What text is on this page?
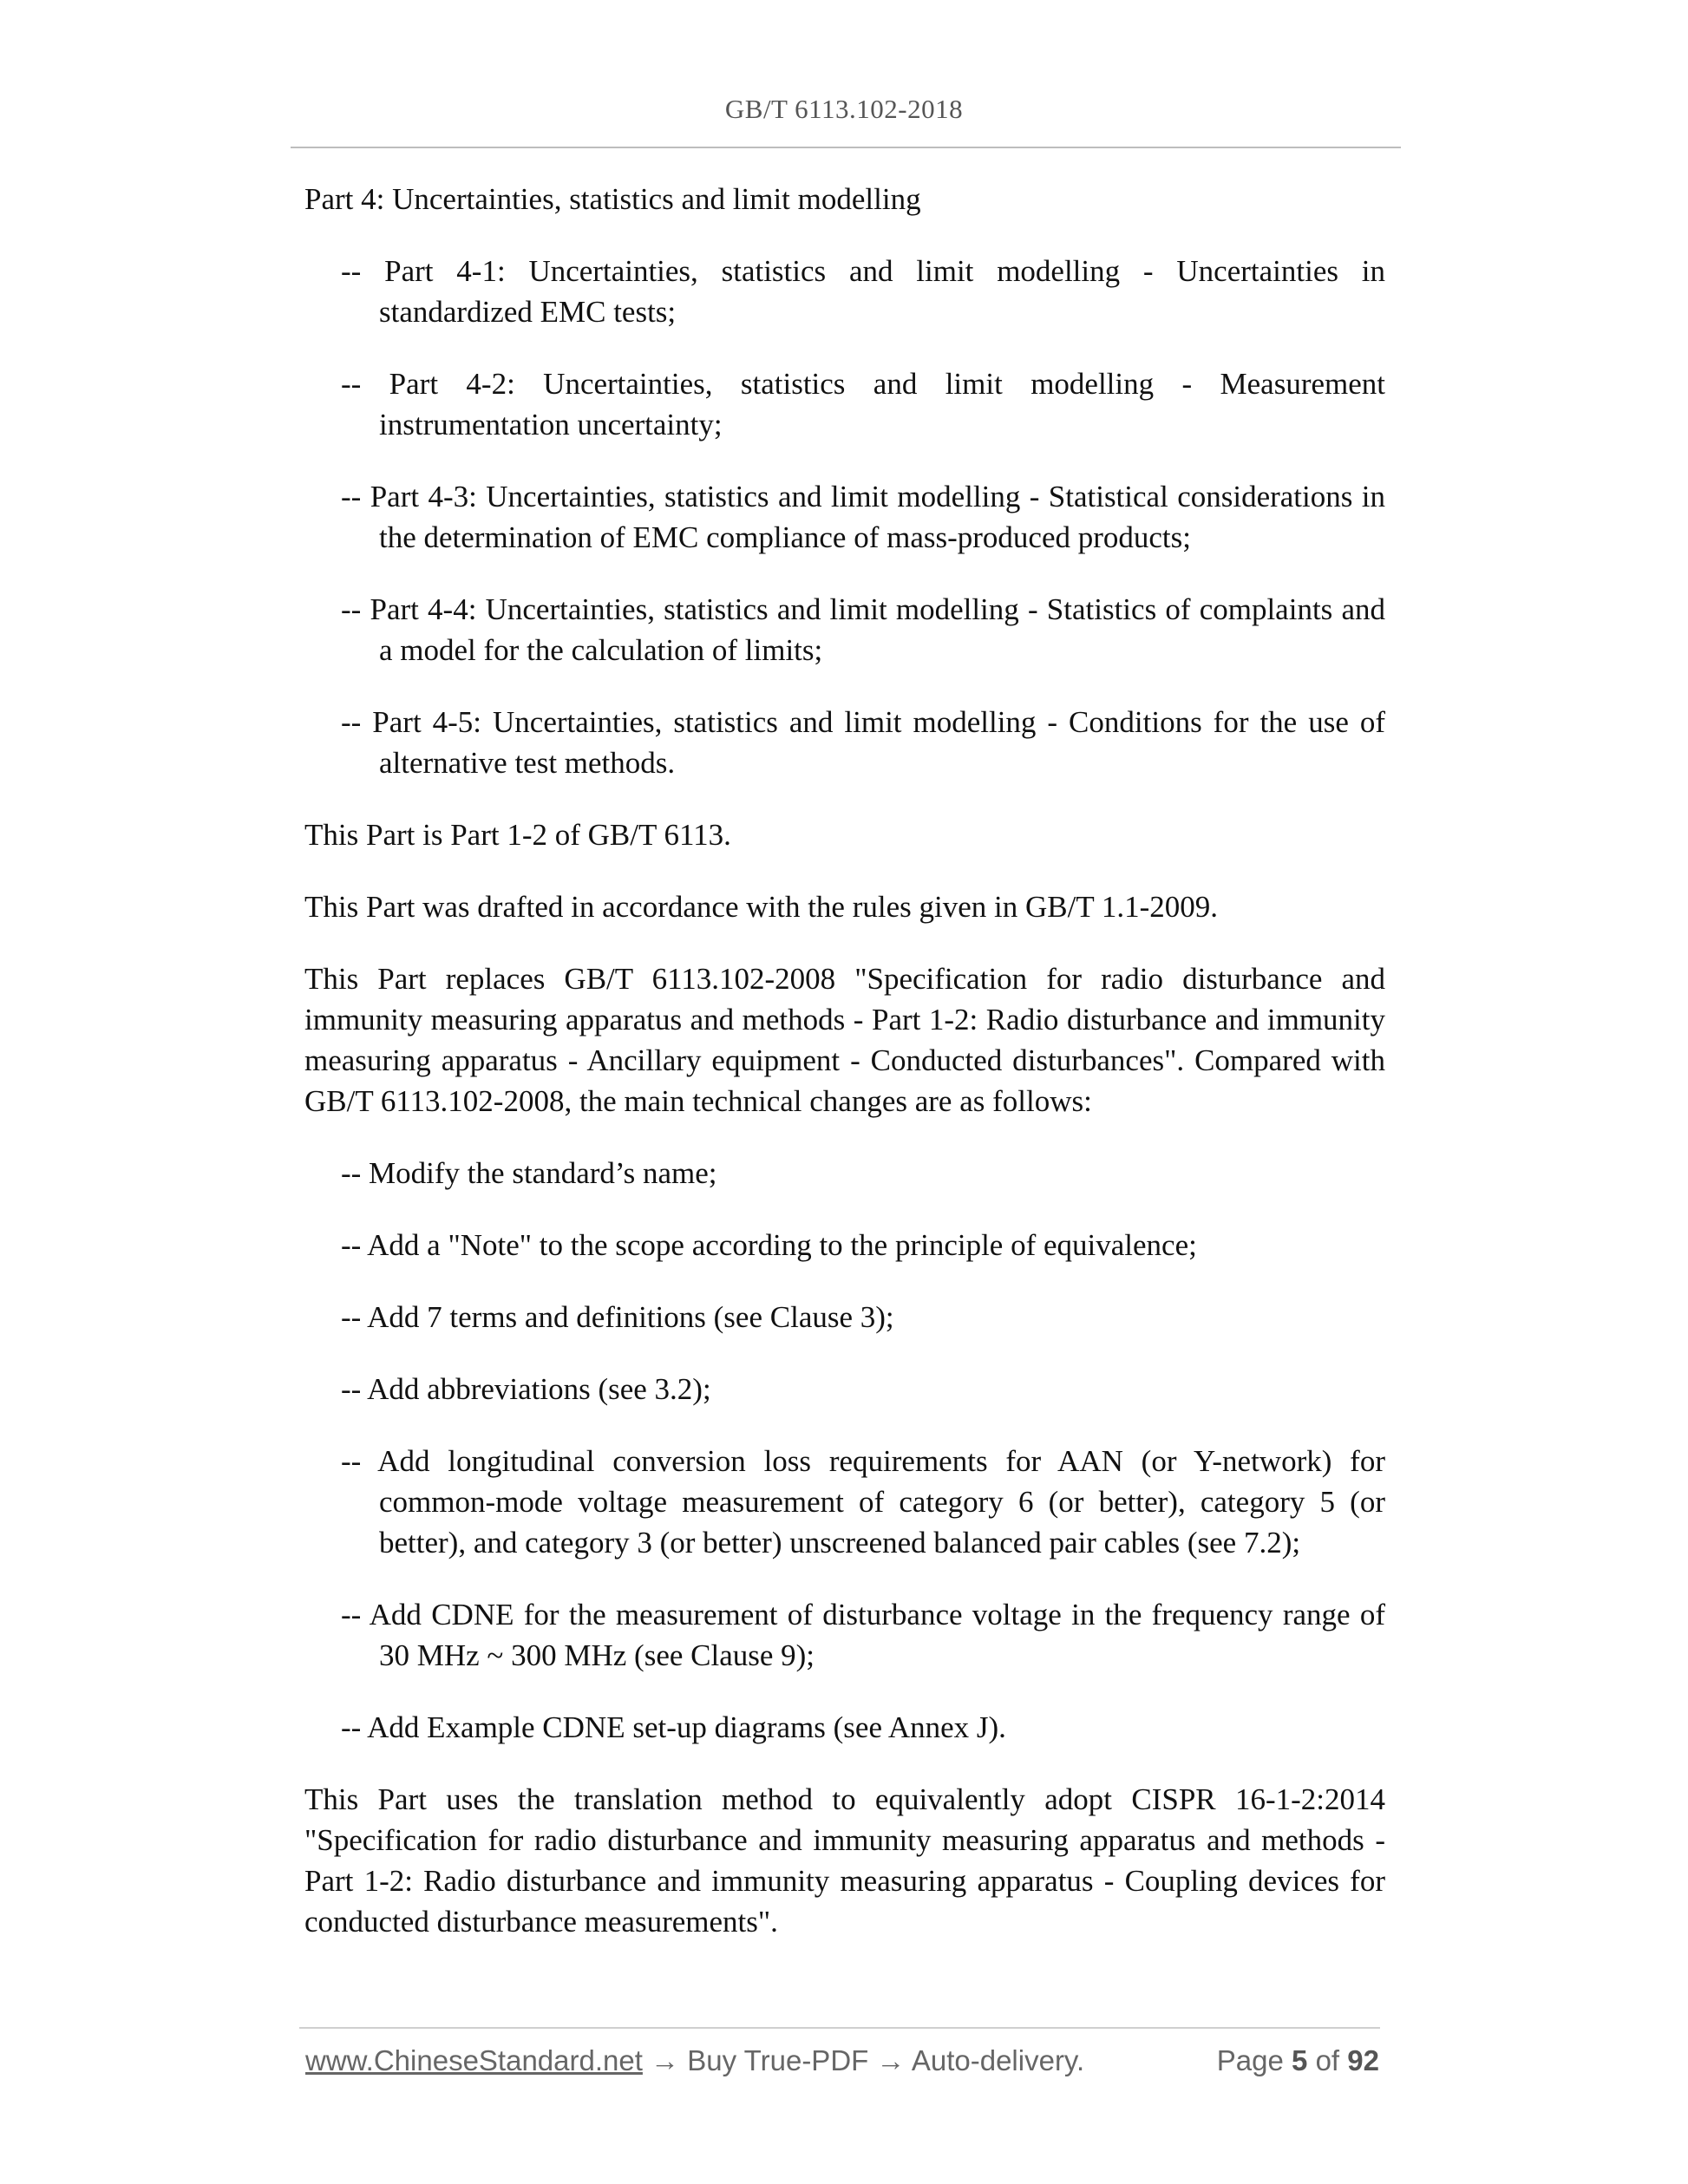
GB/T 6113.102-2018

Part 4: Uncertainties, statistics and limit modelling

-- Part 4-1: Uncertainties, statistics and limit modelling - Uncertainties in standardized EMC tests;

-- Part 4-2: Uncertainties, statistics and limit modelling - Measurement instrumentation uncertainty;

-- Part 4-3: Uncertainties, statistics and limit modelling - Statistical considerations in the determination of EMC compliance of mass-produced products;

-- Part 4-4: Uncertainties, statistics and limit modelling - Statistics of complaints and a model for the calculation of limits;

-- Part 4-5: Uncertainties, statistics and limit modelling - Conditions for the use of alternative test methods.

This Part is Part 1-2 of GB/T 6113.

This Part was drafted in accordance with the rules given in GB/T 1.1-2009.

This Part replaces GB/T 6113.102-2008 "Specification for radio disturbance and immunity measuring apparatus and methods - Part 1-2: Radio disturbance and immunity measuring apparatus - Ancillary equipment - Conducted disturbances". Compared with GB/T 6113.102-2008, the main technical changes are as follows:

-- Modify the standard’s name;

-- Add a "Note" to the scope according to the principle of equivalence;

-- Add 7 terms and definitions (see Clause 3);

-- Add abbreviations (see 3.2);

-- Add longitudinal conversion loss requirements for AAN (or Y-network) for common-mode voltage measurement of category 6 (or better), category 5 (or better), and category 3 (or better) unscreened balanced pair cables (see 7.2);

-- Add CDNE for the measurement of disturbance voltage in the frequency range of 30 MHz ~ 300 MHz (see Clause 9);

-- Add Example CDNE set-up diagrams (see Annex J).

This Part uses the translation method to equivalently adopt CISPR 16-1-2:2014 "Specification for radio disturbance and immunity measuring apparatus and methods - Part 1-2: Radio disturbance and immunity measuring apparatus - Coupling devices for conducted disturbance measurements".

www.ChineseStandard.net → Buy True-PDF → Auto-delivery.	Page 5 of 92
